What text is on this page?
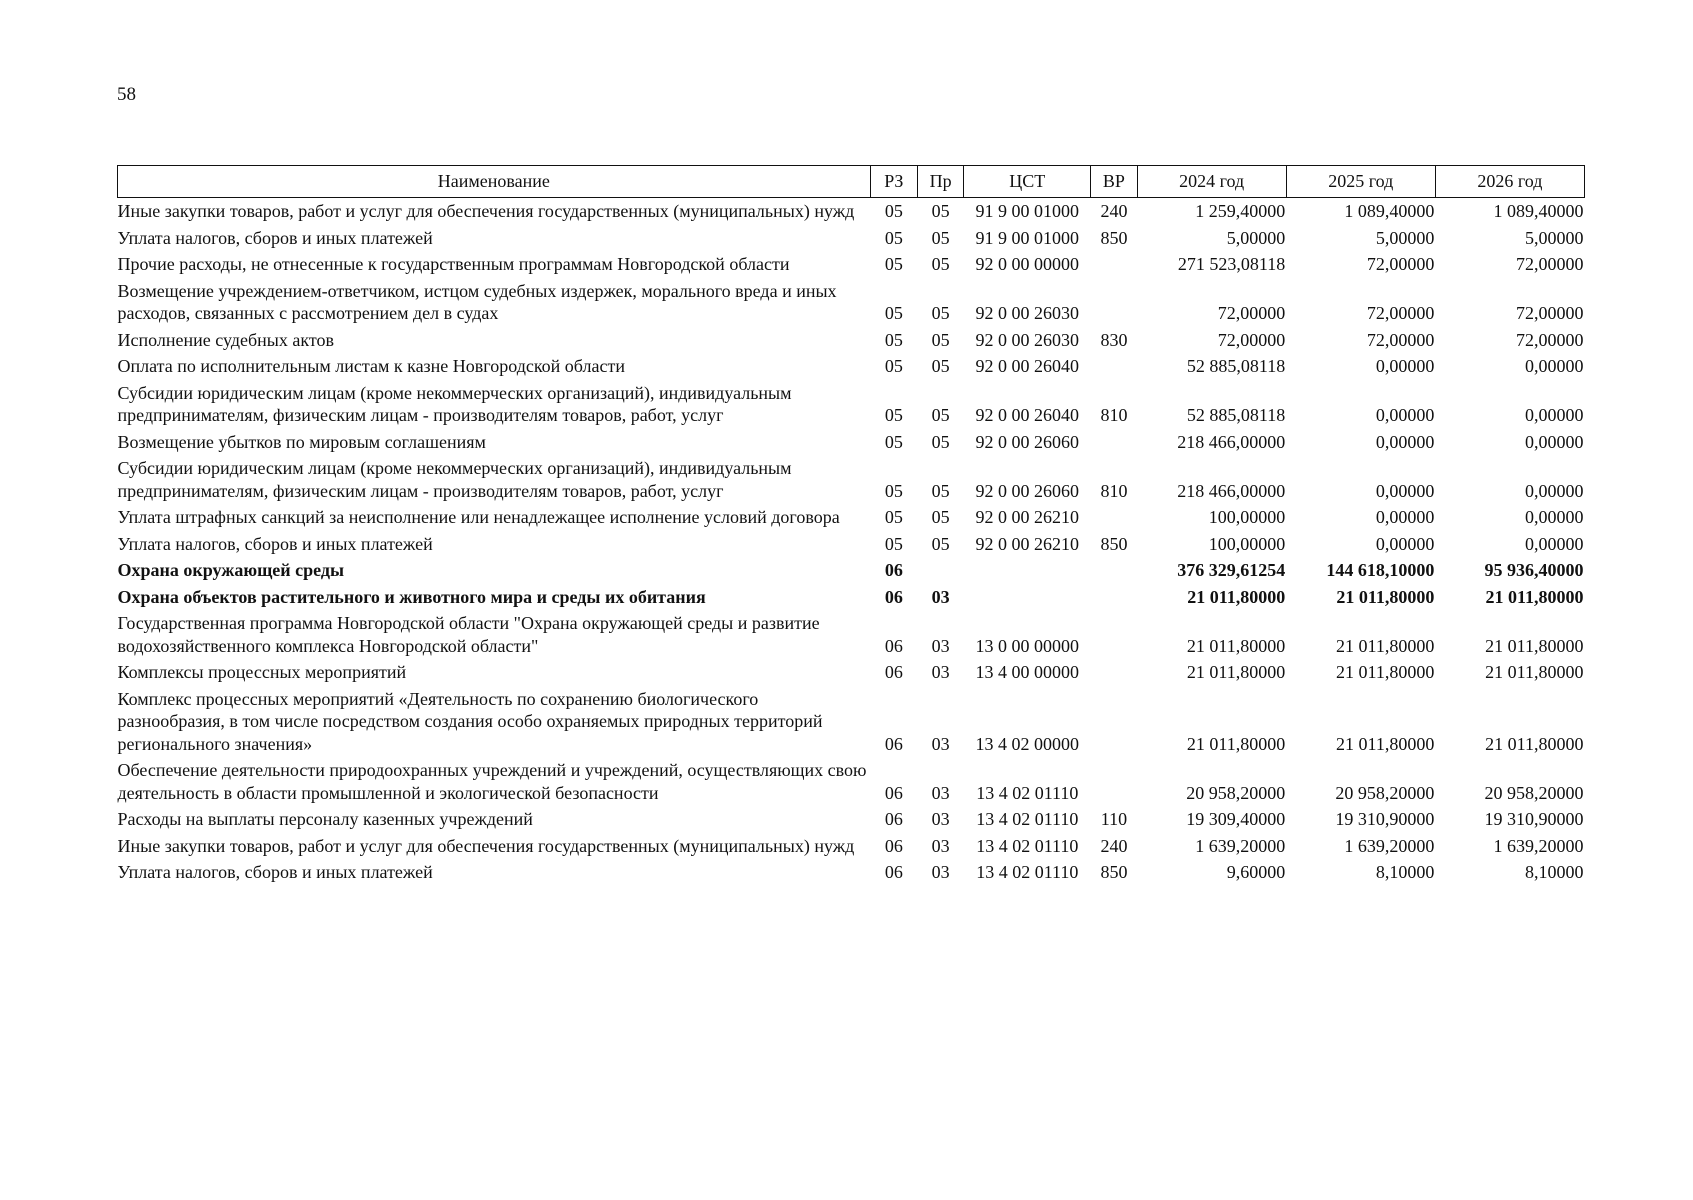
58
Наименование	РЗ	Пр	ЦСТ	ВР	2024 год	2025 год	2026 год
Иные закупки товаров, работ и услуг для обеспечения государственных (муниципальных) нужд	05	05	91 9 00 01000	240	1 259,40000	1 089,40000	1 089,40000
Уплата налогов, сборов и иных платежей	05	05	91 9 00 01000	850	5,00000	5,00000	5,00000
Прочие расходы, не отнесенные к государственным программам Новгородской области	05	05	92 0 00 00000		271 523,08118	72,00000	72,00000
Возмещение учреждением-ответчиком, истцом судебных издержек, морального вреда и иных расходов, связанных с рассмотрением дел в судах	05	05	92 0 00 26030		72,00000	72,00000	72,00000
Исполнение судебных актов	05	05	92 0 00 26030	830	72,00000	72,00000	72,00000
Оплата по исполнительным листам к казне Новгородской области	05	05	92 0 00 26040		52 885,08118	0,00000	0,00000
Субсидии юридическим лицам (кроме некоммерческих организаций), индивидуальным предпринимателям, физическим лицам - производителям товаров, работ, услуг	05	05	92 0 00 26040	810	52 885,08118	0,00000	0,00000
Возмещение убытков по мировым соглашениям	05	05	92 0 00 26060		218 466,00000	0,00000	0,00000
Субсидии юридическим лицам (кроме некоммерческих организаций), индивидуальным предпринимателям, физическим лицам - производителям товаров, работ, услуг	05	05	92 0 00 26060	810	218 466,00000	0,00000	0,00000
Уплата штрафных санкций за неисполнение или ненадлежащее исполнение условий договора	05	05	92 0 00 26210		100,00000	0,00000	0,00000
Уплата налогов, сборов и иных платежей	05	05	92 0 00 26210	850	100,00000	0,00000	0,00000
Охрана окружающей среды	06				376 329,61254	144 618,10000	95 936,40000
Охрана объектов растительного и животного мира и среды их обитания	06	03			21 011,80000	21 011,80000	21 011,80000
Государственная программа Новгородской области "Охрана окружающей среды и развитие водохозяйственного комплекса Новгородской области"	06	03	13 0 00 00000		21 011,80000	21 011,80000	21 011,80000
Комплексы процессных мероприятий	06	03	13 4 00 00000		21 011,80000	21 011,80000	21 011,80000
Комплекс процессных мероприятий «Деятельность по сохранению биологического разнообразия, в том числе посредством создания особо охраняемых природных территорий регионального значения»	06	03	13 4 02 00000		21 011,80000	21 011,80000	21 011,80000
Обеспечение деятельности природоохранных учреждений и учреждений, осуществляющих свою деятельность в области промышленной и экологической безопасности	06	03	13 4 02 01110		20 958,20000	20 958,20000	20 958,20000
Расходы на выплаты персоналу казенных учреждений	06	03	13 4 02 01110	110	19 309,40000	19 310,90000	19 310,90000
Иные закупки товаров, работ и услуг для обеспечения государственных (муниципальных) нужд	06	03	13 4 02 01110	240	1 639,20000	1 639,20000	1 639,20000
Уплата налогов, сборов и иных платежей	06	03	13 4 02 01110	850	9,60000	8,10000	8,10000
